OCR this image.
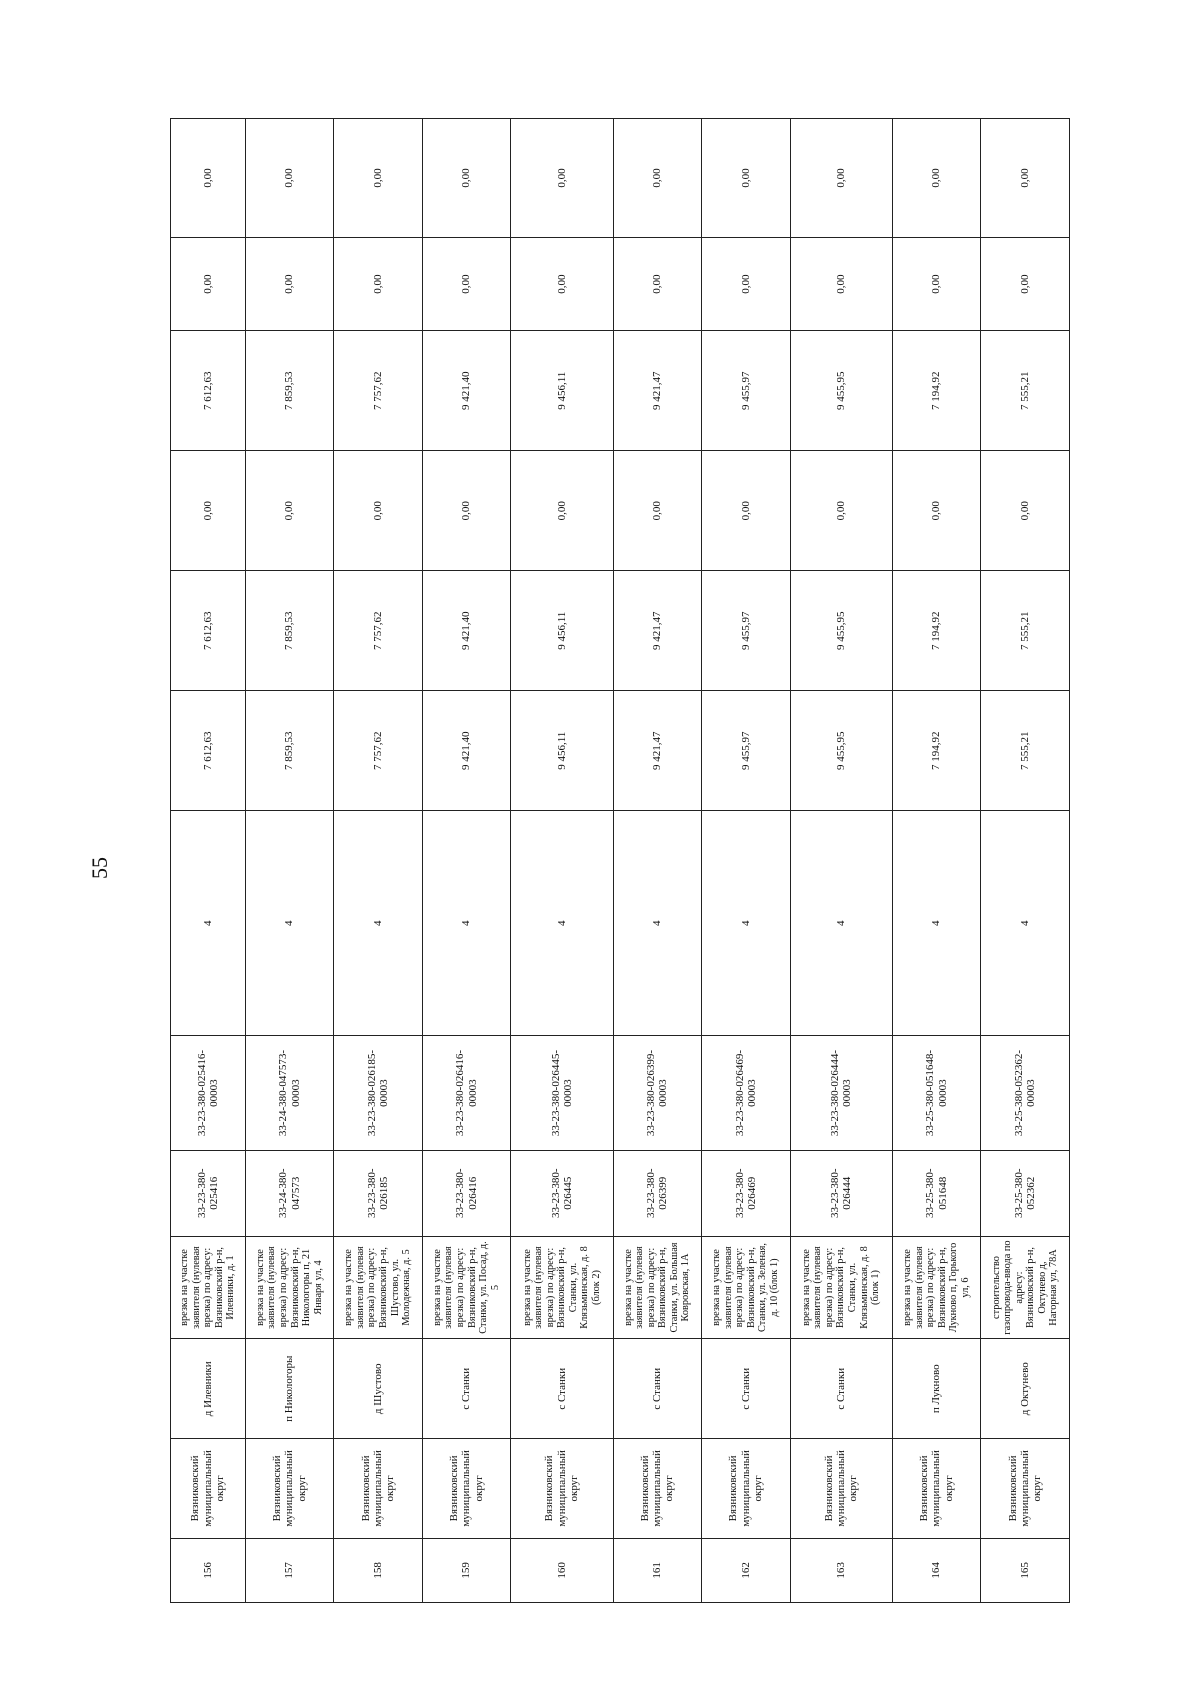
55
156	Вязниковский муниципальный округ	д Илевники	врезка на участке заявителя (нулевая врезка) по адресу: Вязниковский р-н, Илевники, д. 1	33-23-380-025416	33-23-380-025416-00003	4	7 612,63	7 612,63	0,00	7 612,63	0,00	0,00
157	Вязниковский муниципальный округ	п Никологоры	врезка на участке заявителя (нулевая врезка) по адресу: Вязниковский р-н, Никологоры п, 21 Января ул, 4	33-24-380-047573	33-24-380-047573-00003	4	7 859,53	7 859,53	0,00	7 859,53	0,00	0,00
158	Вязниковский муниципальный округ	д Шустово	врезка на участке заявителя (нулевая врезка) по адресу: Вязниковский р-н, Шустово, ул. Молодежная, д. 5	33-23-380-026185	33-23-380-026185-00003	4	7 757,62	7 757,62	0,00	7 757,62	0,00	0,00
159	Вязниковский муниципальный округ	с Станки	врезка на участке заявителя (нулевая врезка) по адресу: Вязниковский р-н, Станки, ул. Посад, д. 5	33-23-380-026416	33-23-380-026416-00003	4	9 421,40	9 421,40	0,00	9 421,40	0,00	0,00
160	Вязниковский муниципальный округ	с Станки	врезка на участке заявителя (нулевая врезка) по адресу: Вязниковский р-н, Станки, ул. Клязьминская, д. 8 (блок 2)	33-23-380-026445	33-23-380-026445-00003	4	9 456,11	9 456,11	0,00	9 456,11	0,00	0,00
161	Вязниковский муниципальный округ	с Станки	врезка на участке заявителя (нулевая врезка) по адресу: Вязниковский р-н, Станки, ул. Большая Ковровская, 1А	33-23-380-026399	33-23-380-026399-00003	4	9 421,47	9 421,47	0,00	9 421,47	0,00	0,00
162	Вязниковский муниципальный округ	с Станки	врезка на участке заявителя (нулевая врезка) по адресу: Вязниковский р-н, Станки, ул. Зеленая, д. 10 (блок 1)	33-23-380-026469	33-23-380-026469-00003	4	9 455,97	9 455,97	0,00	9 455,97	0,00	0,00
163	Вязниковский муниципальный округ	с Станки	врезка на участке заявителя (нулевая врезка) по адресу: Вязниковский р-н, Станки, ул. Клязьминская, д. 8 (блок 1)	33-23-380-026444	33-23-380-026444-00003	4	9 455,95	9 455,95	0,00	9 455,95	0,00	0,00
164	Вязниковский муниципальный округ	п Лукново	врезка на участке заявителя (нулевая врезка) по адресу: Вязниковский р-н, Лукново п, Горького ул, 6	33-25-380-051648	33-25-380-051648-00003	4	7 194,92	7 194,92	0,00	7 194,92	0,00	0,00
165	Вязниковский муниципальный округ	д Октунево	строительство газопровода-ввода по адресу: Вязниковский р-н, Октунево д, Нагорная ул, 78А	33-25-380-052362	33-25-380-052362-00003	4	7 555,21	7 555,21	0,00	7 555,21	0,00	0,00
